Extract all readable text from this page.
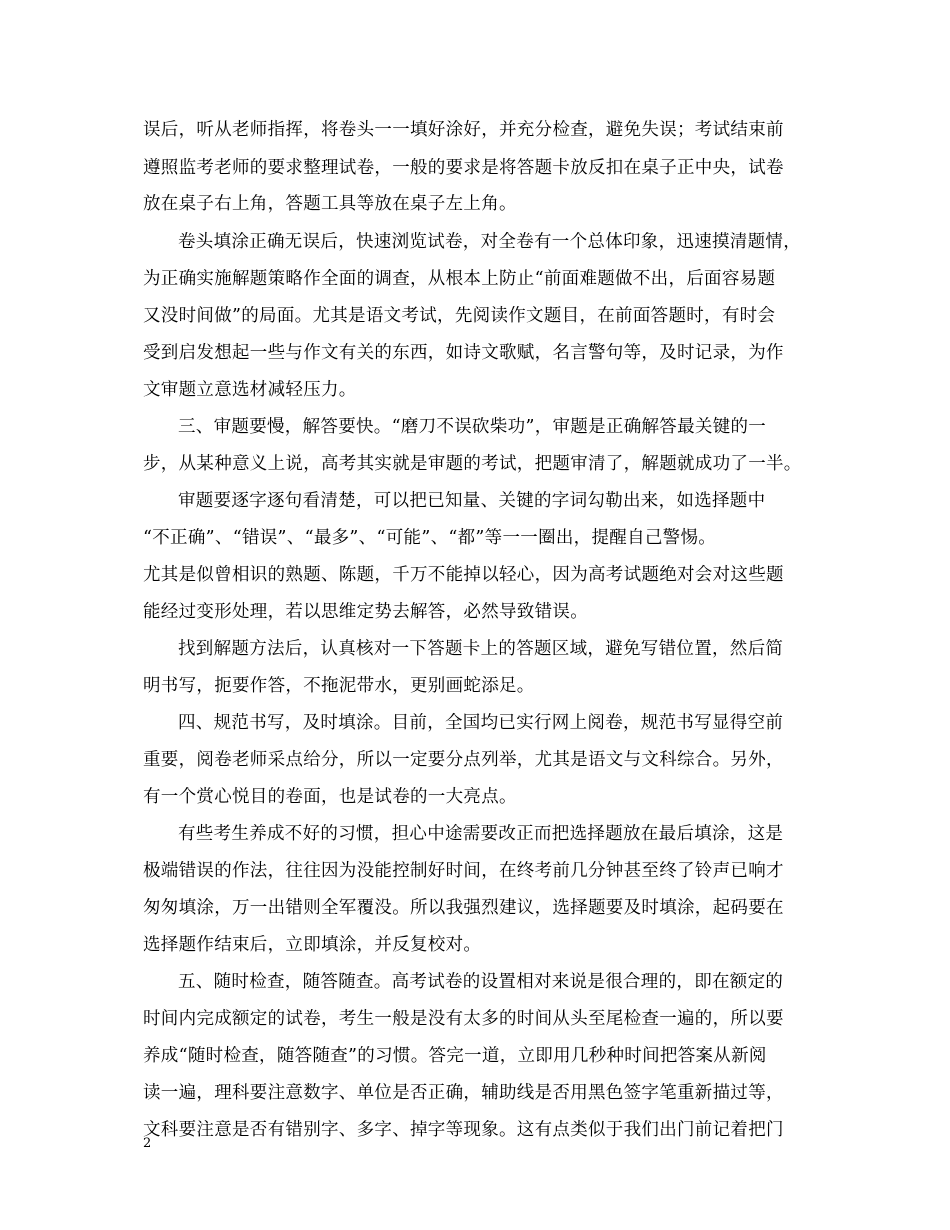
误后，听从老师指挥，将卷头一一填好涂好，并充分检查，避免失误；考试结束前
遵照监考老师的要求整理试卷，一般的要求是将答题卡放反扣在桌子正中央，试卷
放在桌子右上角，答题工具等放在桌子左上角。
卷头填涂正确无误后，快速浏览试卷，对全卷有一个总体印象，迅速摸清题情，
为正确实施解题策略作全面的调查，从根本上防止“前面难题做不出，后面容易题
又没时间做”的局面。尤其是语文考试，先阅读作文题目，在前面答题时，有时会
受到启发想起一些与作文有关的东西，如诗文歌赋，名言警句等，及时记录，为作
文审题立意选材减轻压力。
三、审题要慢，解答要快。“磨刀不误砍柴功”，审题是正确解答最关键的一
步，从某种意义上说，高考其实就是审题的考试，把题审清了，解题就成功了一半。
审题要逐字逐句看清楚，可以把已知量、关键的字词勾勒出来，如选择题中
“不正确”、“错误”、“最多”、“可能”、“都”等一一圈出，提醒自己警惕。
尤其是似曾相识的熟题、陈题，千万不能掉以轻心，因为高考试题绝对会对这些题
能经过变形处理，若以思维定势去解答，必然导致错误。
找到解题方法后，认真核对一下答题卡上的答题区域，避免写错位置，然后简
明书写，扼要作答，不拖泥带水，更别画蛇添足。
四、规范书写，及时填涂。目前，全国均已实行网上阅卷，规范书写显得空前
重要，阅卷老师采点给分，所以一定要分点列举，尤其是语文与文科综合。另外，
有一个赏心悦目的卷面，也是试卷的一大亮点。
有些考生养成不好的习惯，担心中途需要改正而把选择题放在最后填涂，这是
极端错误的作法，往往因为没能控制好时间，在终考前几分钟甚至终了铃声已响才
匆匆填涂，万一出错则全军覆没。所以我强烈建议，选择题要及时填涂，起码要在
选择题作结束后，立即填涂，并反复校对。
五、随时检查，随答随查。高考试卷的设置相对来说是很合理的，即在额定的
时间内完成额定的试卷，考生一般是没有太多的时间从头至尾检查一遍的，所以要
养成“随时检查，随答随查”的习惯。答完一道，立即用几秒种时间把答案从新阅
读一遍，理科要注意数字、单位是否正确，辅助线是否用黑色签字笔重新描过等，
文科要注意是否有错别字、多字、掉字等现象。这有点类似于我们出门前记着把门
2
